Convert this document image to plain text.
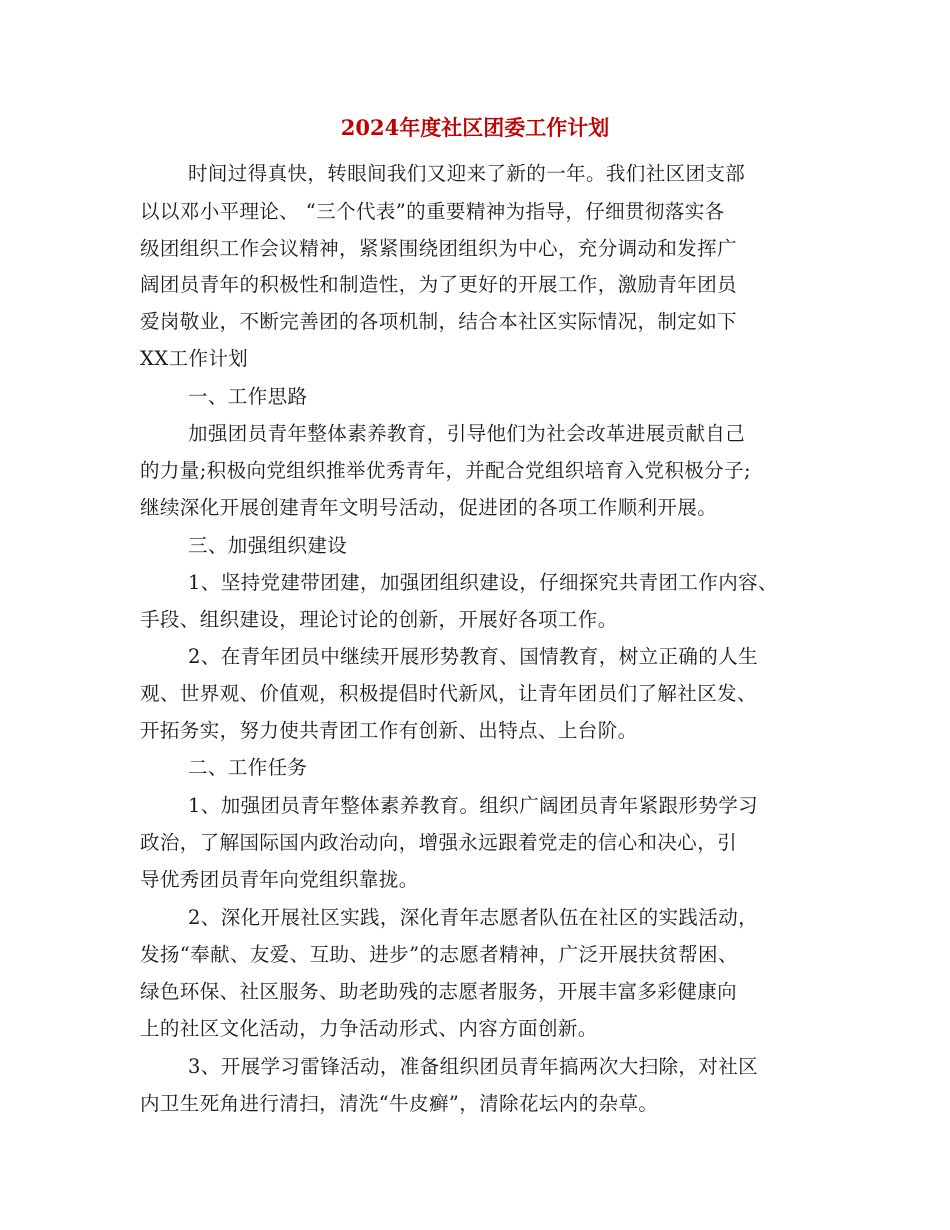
2024年度社区团委工作计划
时间过得真快，转眼间我们又迎来了新的一年。我们社区团支部
以以邓小平理论、 “三个代表”的重要精神为指导，仔细贯彻落实各
级团组织工作会议精神，紧紧围绕团组织为中心，充分调动和发挥广
阔团员青年的积极性和制造性，为了更好的开展工作，激励青年团员
爱岗敬业，不断完善团的各项机制，结合本社区实际情况，制定如下
XX工作计划
一、工作思路
加强团员青年整体素养教育，引导他们为社会改革进展贡献自己
的力量;积极向党组织推举优秀青年，并配合党组织培育入党积极分子;
继续深化开展创建青年文明号活动，促进团的各项工作顺利开展。
三、加强组织建设
1、坚持党建带团建，加强团组织建设，仔细探究共青团工作内容、
手段、组织建设，理论讨论的创新，开展好各项工作。
2、在青年团员中继续开展形势教育、国情教育，树立正确的人生
观、世界观、价值观，积极提倡时代新风，让青年团员们了解社区发、
开拓务实，努力使共青团工作有创新、出特点、上台阶。
二、工作任务
1、加强团员青年整体素养教育。组织广阔团员青年紧跟形势学习
政治，了解国际国内政治动向，增强永远跟着党走的信心和决心，引
导优秀团员青年向党组织靠拢。
2、深化开展社区实践，深化青年志愿者队伍在社区的实践活动，
发扬“奉献、友爱、互助、进步”的志愿者精神，广泛开展扶贫帮困、
绿色环保、社区服务、助老助残的志愿者服务，开展丰富多彩健康向
上的社区文化活动，力争活动形式、内容方面创新。
3、开展学习雷锋活动，准备组织团员青年搞两次大扫除，对社区
内卫生死角进行清扫，清洗“牛皮癣”，清除花坛内的杂草。
